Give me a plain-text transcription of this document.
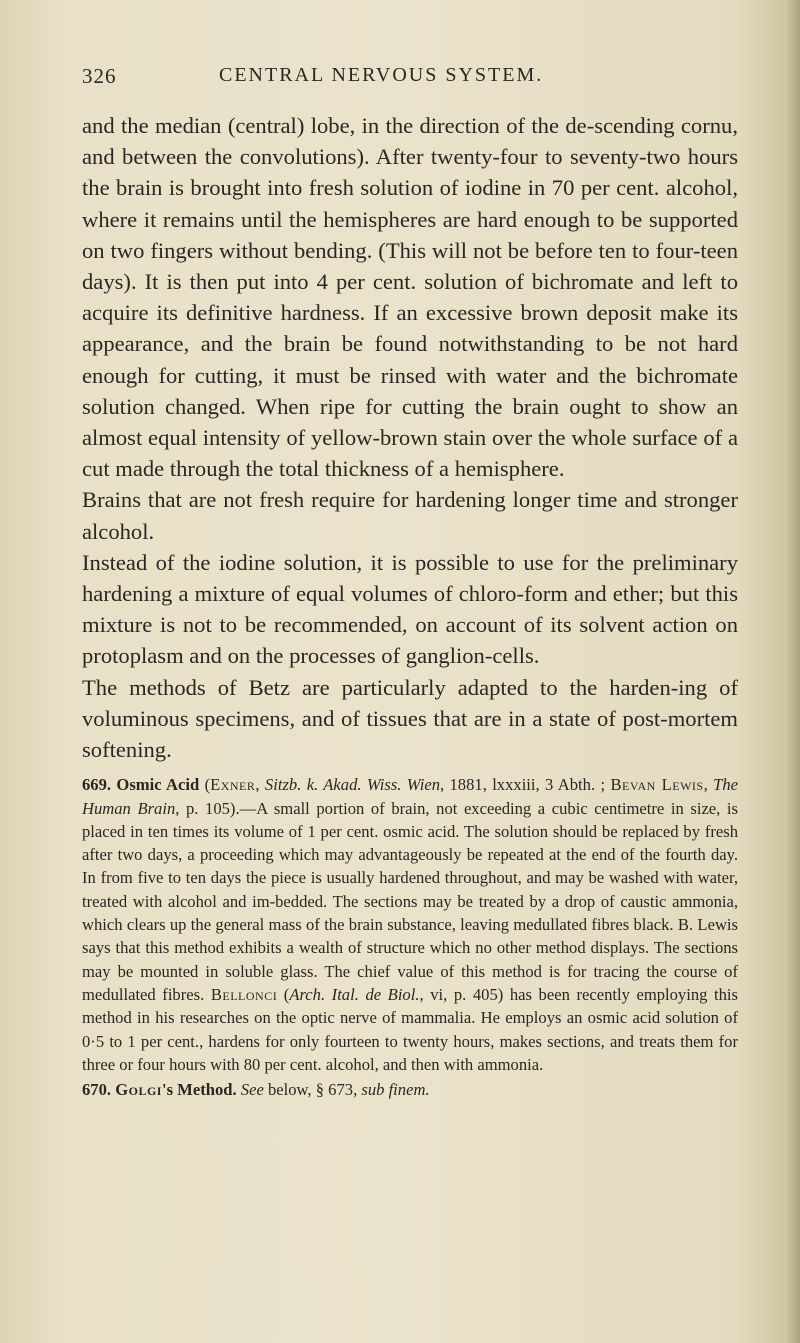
326	CENTRAL NERVOUS SYSTEM.

and the median (central) lobe, in the direction of the de-scending cornu, and between the convolutions). After twenty-four to seventy-two hours the brain is brought into fresh solution of iodine in 70 per cent. alcohol, where it remains until the hemispheres are hard enough to be supported on two fingers without bending. (This will not be before ten to four-teen days). It is then put into 4 per cent. solution of bichromate and left to acquire its definitive hardness. If an excessive brown deposit make its appearance, and the brain be found notwithstanding to be not hard enough for cutting, it must be rinsed with water and the bichromate solution changed. When ripe for cutting the brain ought to show an almost equal intensity of yellow-brown stain over the whole surface of a cut made through the total thickness of a hemisphere.

Brains that are not fresh require for hardening longer time and stronger alcohol.

Instead of the iodine solution, it is possible to use for the preliminary hardening a mixture of equal volumes of chloro-form and ether; but this mixture is not to be recommended, on account of its solvent action on protoplasm and on the processes of ganglion-cells.

The methods of Betz are particularly adapted to the harden-ing of voluminous specimens, and of tissues that are in a state of post-mortem softening.

669. Osmic Acid (Exner, Sitzb. k. Akad. Wiss. Wien, 1881, lxxxiii, 3 Abth. ; Bevan Lewis, The Human Brain, p. 105).—A small portion of brain, not exceeding a cubic centimetre in size, is placed in ten times its volume of 1 per cent. osmic acid. The solution should be replaced by fresh after two days, a proceeding which may advantageously be repeated at the end of the fourth day. In from five to ten days the piece is usually hardened throughout, and may be washed with water, treated with alcohol and im-bedded. The sections may be treated by a drop of caustic ammonia, which clears up the general mass of the brain substance, leaving medullated fibres black. B. Lewis says that this method exhibits a wealth of structure which no other method displays. The sections may be mounted in soluble glass. The chief value of this method is for tracing the course of medullated fibres. Bellonci (Arch. Ital. de Biol., vi, p. 405) has been recently employing this method in his researches on the optic nerve of mammalia. He employs an osmic acid solution of 0·5 to 1 per cent., hardens for only fourteen to twenty hours, makes sections, and treats them for three or four hours with 80 per cent. alcohol, and then with ammonia.

670. Golgi's Method. See below, § 673, sub finem.
